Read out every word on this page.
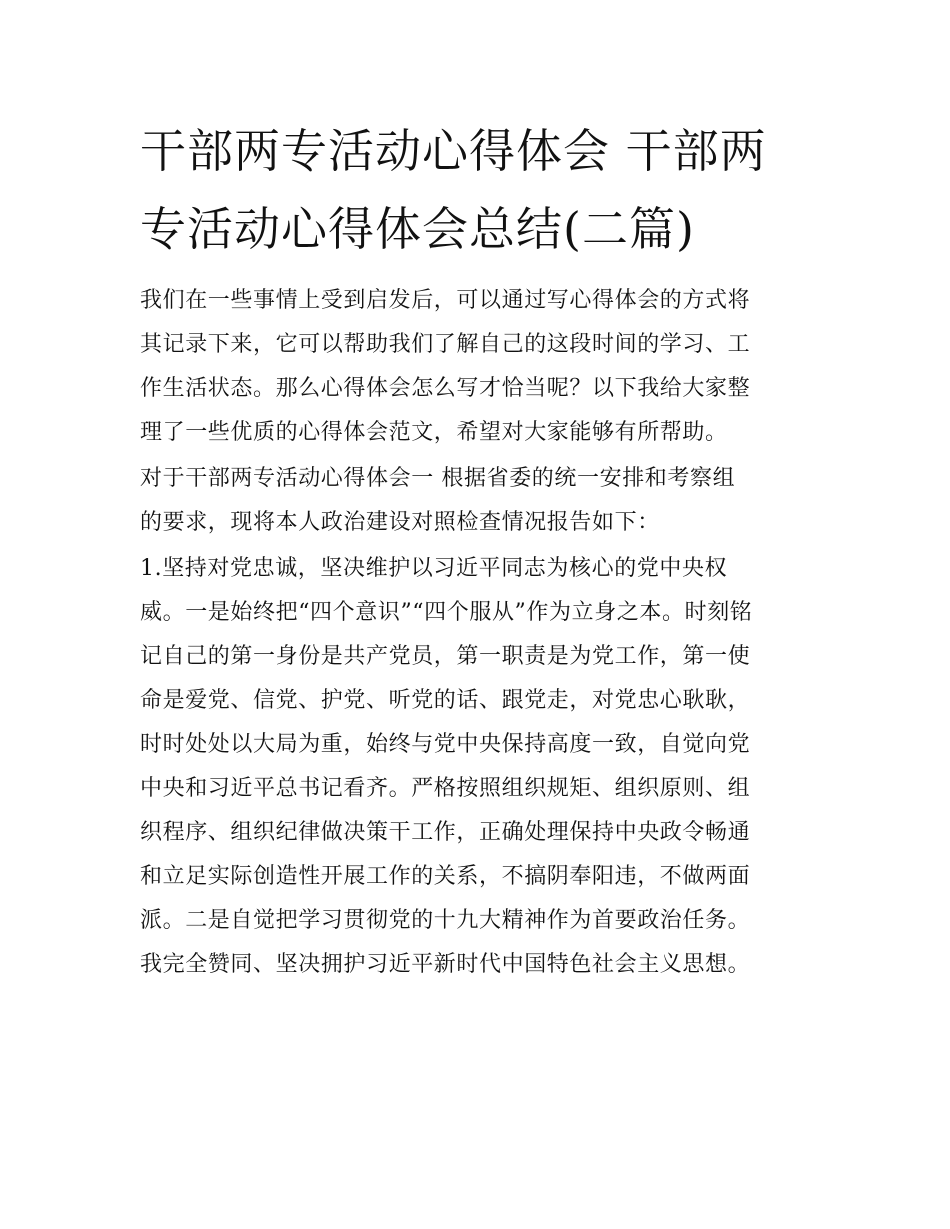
干部两专活动心得体会 干部两
专活动心得体会总结(二篇)
我们在一些事情上受到启发后，可以通过写心得体会的方式将
其记录下来，它可以帮助我们了解自己的这段时间的学习、工
作生活状态。那么心得体会怎么写才恰当呢？以下我给大家整
理了一些优质的心得体会范文，希望对大家能够有所帮助。
对于干部两专活动心得体会一 根据省委的统一安排和考察组
的要求，现将本人政治建设对照检查情况报告如下：
1.坚持对党忠诚，坚决维护以习近平同志为核心的党中央权
威。一是始终把“四个意识”“四个服从”作为立身之本。时刻铭
记自己的第一身份是共产党员，第一职责是为党工作，第一使
命是爱党、信党、护党、听党的话、跟党走，对党忠心耿耿，
时时处处以大局为重，始终与党中央保持高度一致，自觉向党
中央和习近平总书记看齐。严格按照组织规矩、组织原则、组
织程序、组织纪律做决策干工作，正确处理保持中央政令畅通
和立足实际创造性开展工作的关系，不搞阴奉阳违，不做两面
派。二是自觉把学习贯彻党的十九大精神作为首要政治任务。
我完全赞同、坚决拥护习近平新时代中国特色社会主义思想。
